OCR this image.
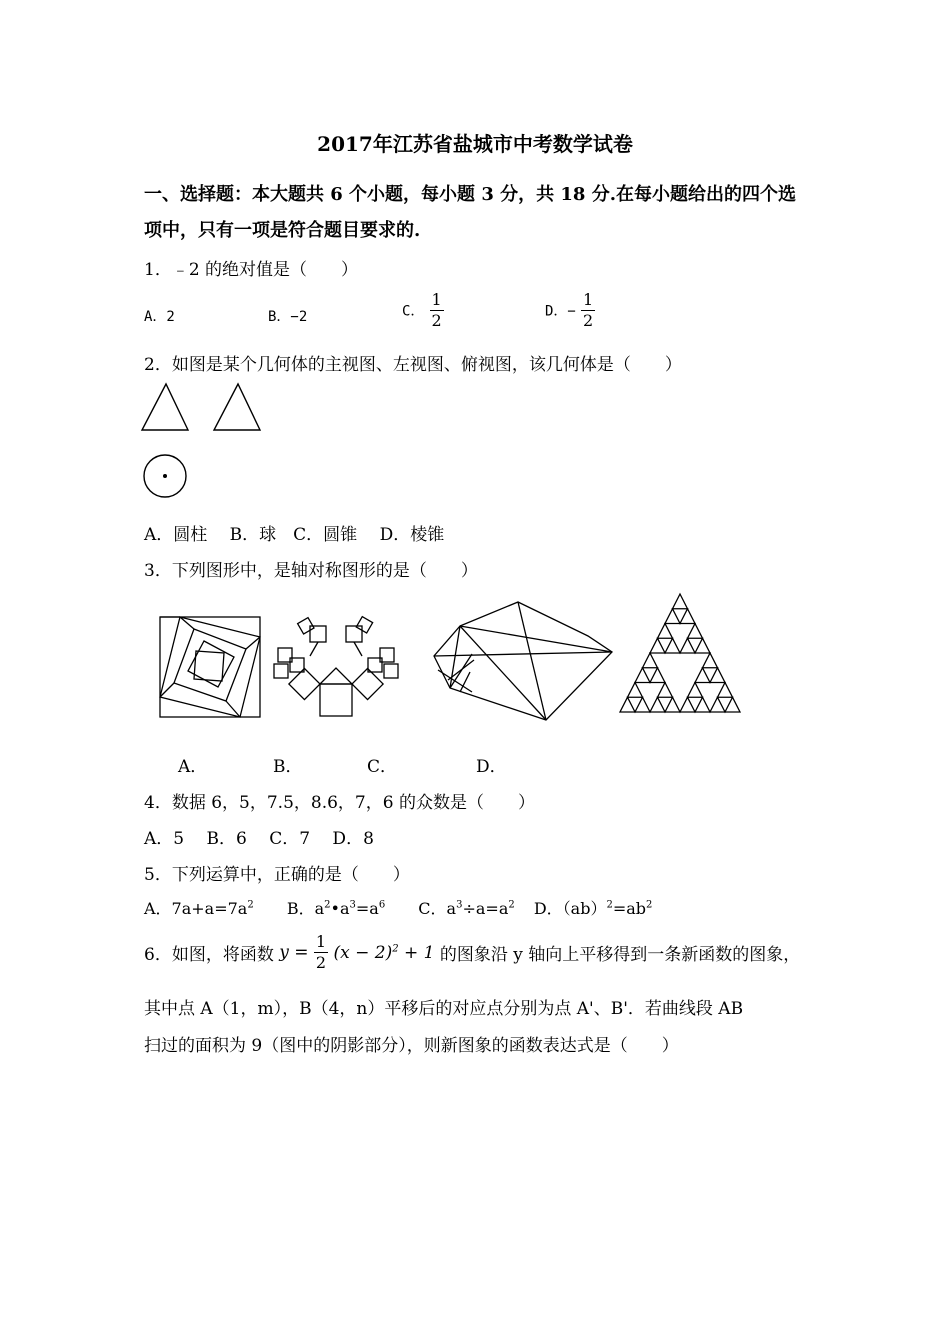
2017年江苏省盐城市中考数学试卷
一、选择题：本大题共 6 个小题，每小题 3 分，共 18 分.在每小题给出的四个选
项中，只有一项是符合题目要求的.
1．﹣2 的绝对值是（　　）
A．2	B．−2	C． $\frac{1}{2}$	D．− $\frac{1}{2}$
2．如图是某个几何体的主视图、左视图、俯视图，该几何体是（　　）
A．圆柱　 B．球　C．圆锥　 D．棱锥
3．下列图形中，是轴对称图形的是（　　）
A．	B．	C．	D．
4．数据 6，5，7.5，8.6，7，6 的众数是（　　）
A．5　 B．6　 C．7　 D．8
5．下列运算中，正确的是（　　）
A．$7a+a=7a^2$ B．$a^2•a^3=a^6$ C．$a^3\div a=a^2$ D．$(ab)^2=ab^2$
6．如图，将函数 $y = \frac{1}{2} (x - 2)^2 + 1$ 的图象沿 y 轴向上平移得到一条新函数的图象，
其中点 A（1，m），B（4，n）平移后的对应点分别为点 A'、B'．若曲线段 AB
扫过的面积为 9（图中的阴影部分），则新图象的函数表达式是（　　）
